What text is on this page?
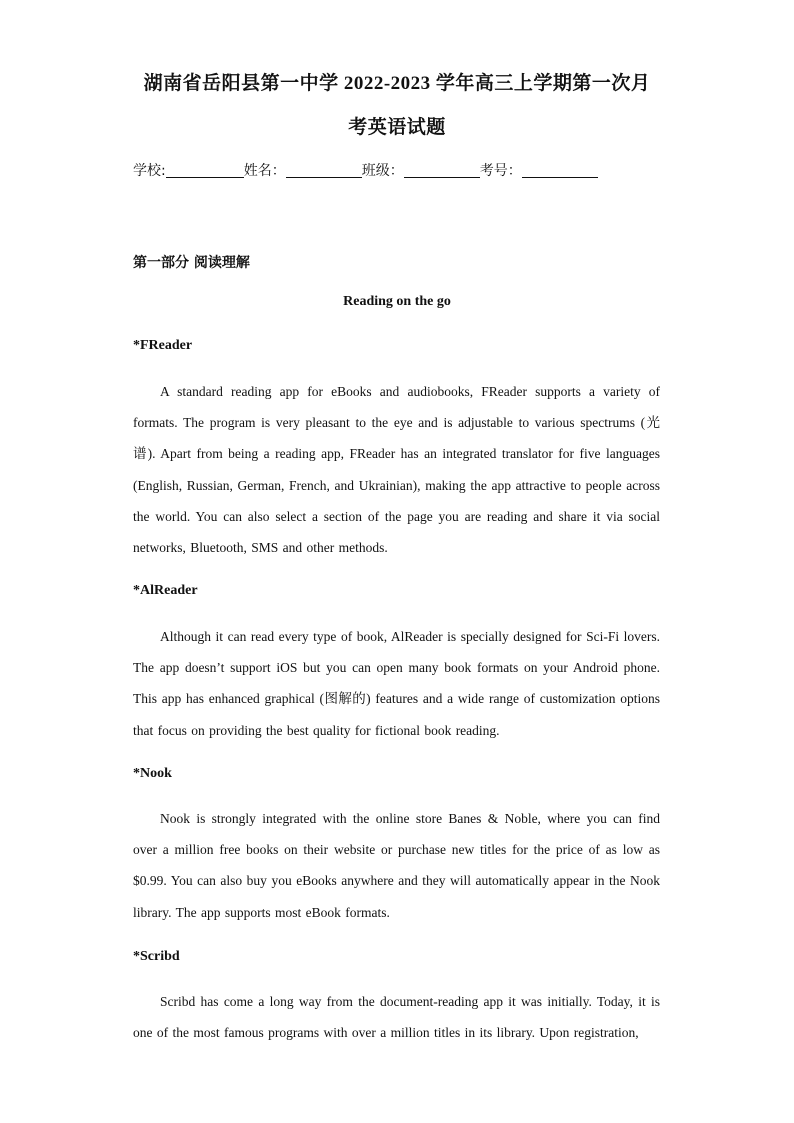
湖南省岳阳县第一中学 2022-2023 学年高三上学期第一次月
考英语试题
学校:	姓名：	班级：	考号：
第一部分 阅读理解
Reading on the go
*FReader
A standard reading app for eBooks and audiobooks, FReader supports a variety of formats. The program is very pleasant to the eye and is adjustable to various spectrums (光谱). Apart from being a reading app, FReader has an integrated translator for five languages (English, Russian, German, French, and Ukrainian), making the app attractive to people across the world. You can also select a section of the page you are reading and share it via social networks, Bluetooth, SMS and other methods.
*AlReader
Although it can read every type of book, AlReader is specially designed for Sci-Fi lovers. The app doesn’t support iOS but you can open many book formats on your Android phone. This app has enhanced graphical (图解的) features and a wide range of customization options that focus on providing the best quality for fictional book reading.
*Nook
Nook is strongly integrated with the online store Banes & Noble, where you can find over a million free books on their website or purchase new titles for the price of as low as $0.99. You can also buy you eBooks anywhere and they will automatically appear in the Nook library. The app supports most eBook formats.
*Scribd
Scribd has come a long way from the document-reading app it was initially. Today, it is one of the most famous programs with over a million titles in its library. Upon registration,
